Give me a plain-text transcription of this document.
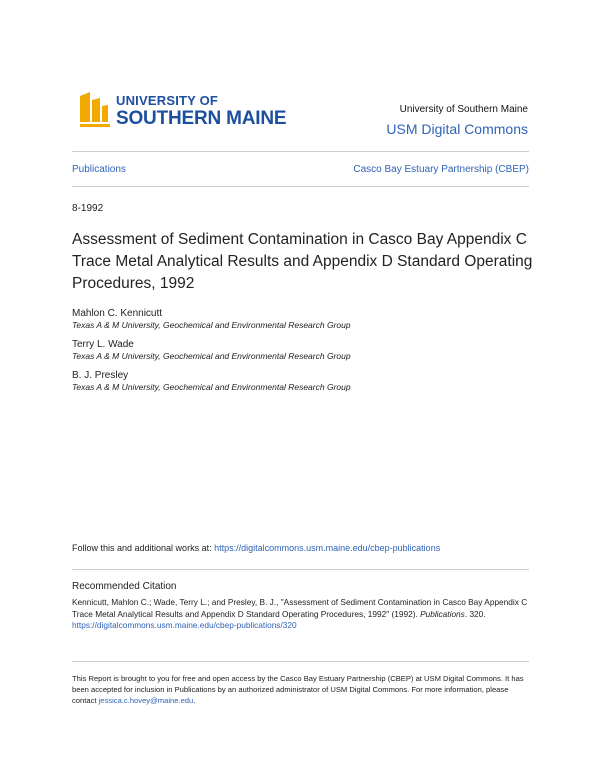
UNIVERSITY OF
SOUTHERN MAINE	University of Southern Maine
USM Digital Commons
Publications	Casco Bay Estuary Partnership (CBEP)
8-1992
Assessment of Sediment Contamination in Casco Bay Appendix C Trace Metal Analytical Results and Appendix D Standard Operating Procedures, 1992
Mahlon C. Kennicutt
Texas A & M University, Geochemical and Environmental Research Group
Terry L. Wade
Texas A & M University, Geochemical and Environmental Research Group
B. J. Presley
Texas A & M University, Geochemical and Environmental Research Group
Follow this and additional works at: https://digitalcommons.usm.maine.edu/cbep-publications
Recommended Citation
Kennicutt, Mahlon C.; Wade, Terry L.; and Presley, B. J., "Assessment of Sediment Contamination in Casco Bay Appendix C Trace Metal Analytical Results and Appendix D Standard Operating Procedures, 1992" (1992). Publications. 320.
https://digitalcommons.usm.maine.edu/cbep-publications/320
This Report is brought to you for free and open access by the Casco Bay Estuary Partnership (CBEP) at USM Digital Commons. It has been accepted for inclusion in Publications by an authorized administrator of USM Digital Commons. For more information, please contact jessica.c.hovey@maine.edu.
